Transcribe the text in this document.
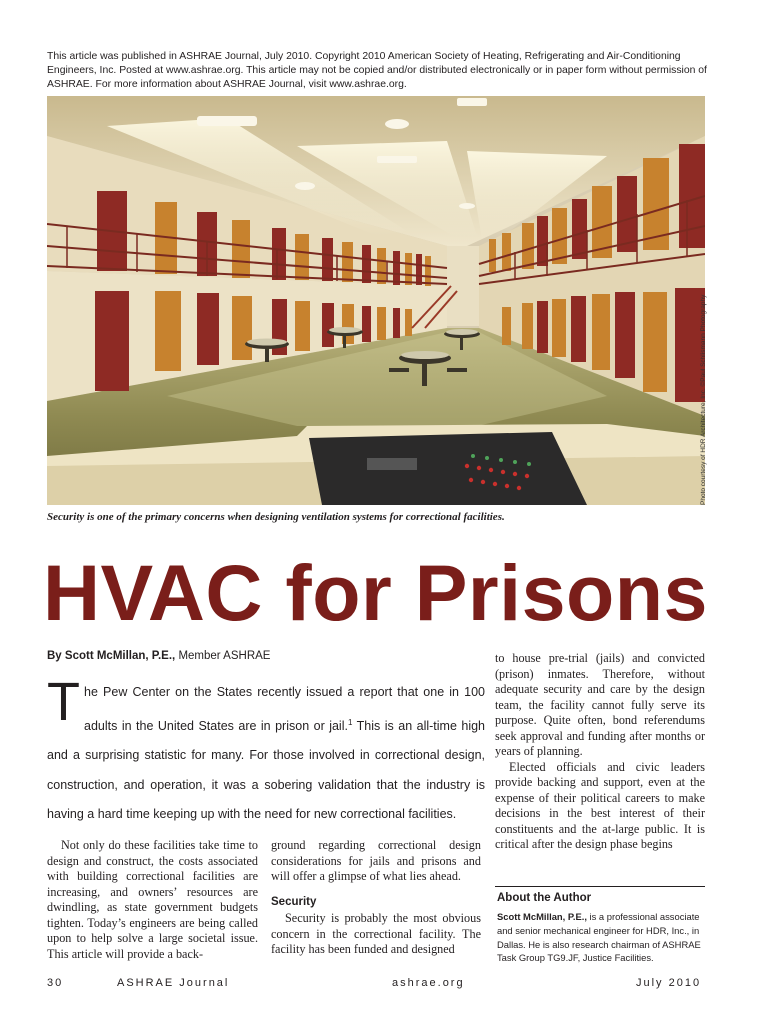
This article was published in ASHRAE Journal, July 2010. Copyright 2010 American Society of Heating, Refrigerating and Air-Conditioning Engineers, Inc. Posted at www.ashrae.org. This article may not be copied and/or distributed electronically or in paper form without permission of ASHRAE. For more information about ASHRAE Journal, visit www.ashrae.org.
Photo courtesy of HDR Architecture, Inc. ©Paul Schlismann Photography
Security is one of the primary concerns when designing ventilation systems for correctional facilities.
HVAC for Prisons
By Scott McMillan, P.E., Member ASHRAE
The Pew Center on the States recently issued a report that one in 100 adults in the United States are in prison or jail.$^1$ This is an all-time high and a surprising statistic for many. For those involved in correctional design, construction, and operation, it was a sobering validation that the industry is having a hard time keeping up with the need for new correctional facilities.

Not only do these facilities take time to design and construct, the costs associated with building correctional facilities are increasing, and owners’ resources are dwindling, as state government budgets tighten. Today’s engineers are being called upon to help solve a large societal issue. This article will provide a back-

ground regarding correctional design considerations for jails and prisons and will offer a glimpse of what lies ahead.

Security

Security is probably the most obvious concern in the correctional facility. The facility has been funded and designed

to house pre-trial (jails) and convicted (prison) inmates. Therefore, without adequate security and care by the design team, the facility cannot fully serve its purpose. Quite often, bond referendums seek approval and funding after months or years of planning.

Elected officials and civic leaders provide backing and support, even at the expense of their political careers to make decisions in the best interest of their constituents and the at-large public. It is critical after the design phase begins

About the Author
Scott McMillan, P.E., is a professional associate and senior mechanical engineer for HDR, Inc., in Dallas. He is also research chairman of ASHRAE Task Group TG9.JF, Justice Facilities.
30	ASHRAE Journal	ashrae.org	July 2010
